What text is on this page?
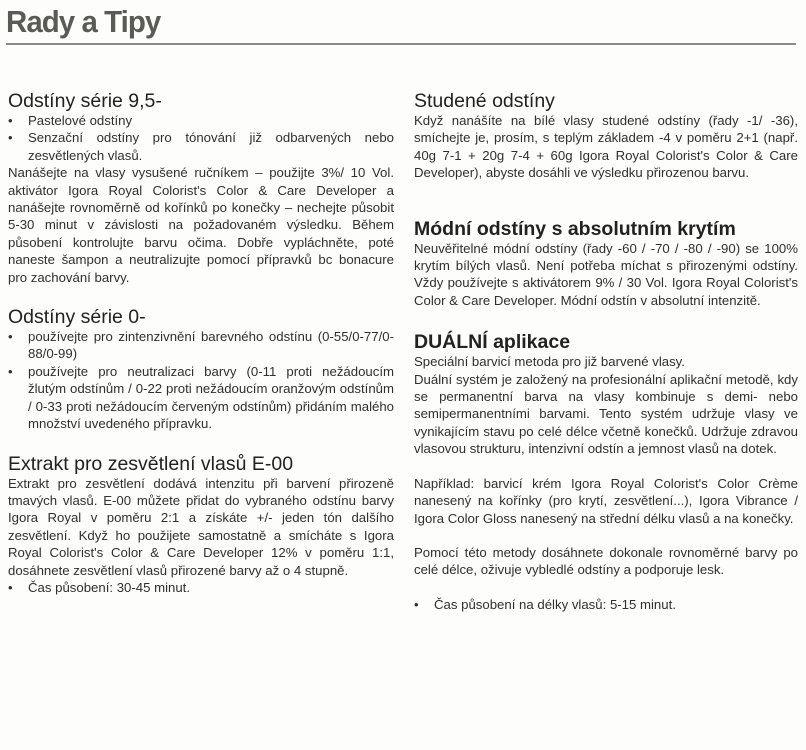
Rady a Tipy
Odstíny série 9,5-
• Pastelové odstíny
• Senzační odstíny pro tónování již odbarvených nebo zesvětlených vlasů.

Nanášejte na vlasy vysušené ručníkem – použijte 3%/ 10 Vol. aktivátor Igora Royal Colorist's Color & Care Developer a nanášejte rovnoměrně od kořínků po konečky – nechejte působit 5-30 minut v závislosti na požadovaném výsledku. Během působení kontrolujte barvu očima. Dobře vypláchněte, poté naneste šampon a neutralizujte pomocí přípravků bc bonacure pro zachování barvy.

Odstíny série 0-
• používejte pro zintenzivnění barevného odstínu (0-55/0-77/0-88/0-99)
• používejte pro neutralizaci barvy (0-11 proti nežádoucím žlutým odstínům / 0-22 proti nežádoucím oranžovým odstínům / 0-33 proti nežádoucím červeným odstínům) přidáním malého množství uvedeného přípravku.
Extrakt pro zesvětlení vlasů E-00

Extrakt pro zesvětlení dodává intenzitu při barvení přirozeně tmavých vlasů. E-00 můžete přidat do vybraného odstínu barvy Igora Royal v poměru 2:1 a získáte +/- jeden tón dalšího zesvětlení. Když ho použijete samostatně a smícháte s Igora Royal Colorist's Color & Care Developer 12% v poměru 1:1, dosáhnete zesvětlení vlasů přirozené barvy až o 4 stupně.

• Čas působení: 30-45 minut.
Studené odstíny

Když nanášíte na bílé vlasy studené odstíny (řady -1/ -36), smíchejte je, prosím, s teplým základem -4 v poměru 2+1 (např. 40g 7-1 + 20g 7-4 + 60g Igora Royal Colorist's Color & Care Developer), abyste dosáhli ve výsledku přirozenou barvu.

Módní odstíny s absolutním krytím

Neuvěřitelné módní odstíny (řady -60 / -70 / -80 / -90) se 100% krytím bílých vlasů. Není potřeba míchat s přirozenými odstíny. Vždy používejte s aktivátorem 9% / 30 Vol. Igora Royal Colorist's Color & Care Developer. Módní odstín v absolutní intenzitě.

DUÁLNÍ aplikace

Speciální barvicí metoda pro již barvené vlasy.

Duální systém je založený na profesionální aplikační metodě, kdy se permanentní barva na vlasy kombinuje s demi- nebo semipermanentními barvami. Tento systém udržuje vlasy ve vynikajícím stavu po celé délce včetně konečků. Udržuje zdravou vlasovou strukturu, intenzivní odstín a jemnost vlasů na dotek.

Například: barvicí krém Igora Royal Colorist's Color Crème nanesený na kořínky (pro krytí, zesvětlení...), Igora Vibrance / Igora Color Gloss nanesený na střední délku vlasů a na konečky.

Pomocí této metody dosáhnete dokonale rovnoměrné barvy po celé délce, oživuje vybledlé odstíny a podporuje lesk.

• Čas působení na délky vlasů: 5-15 minut.
